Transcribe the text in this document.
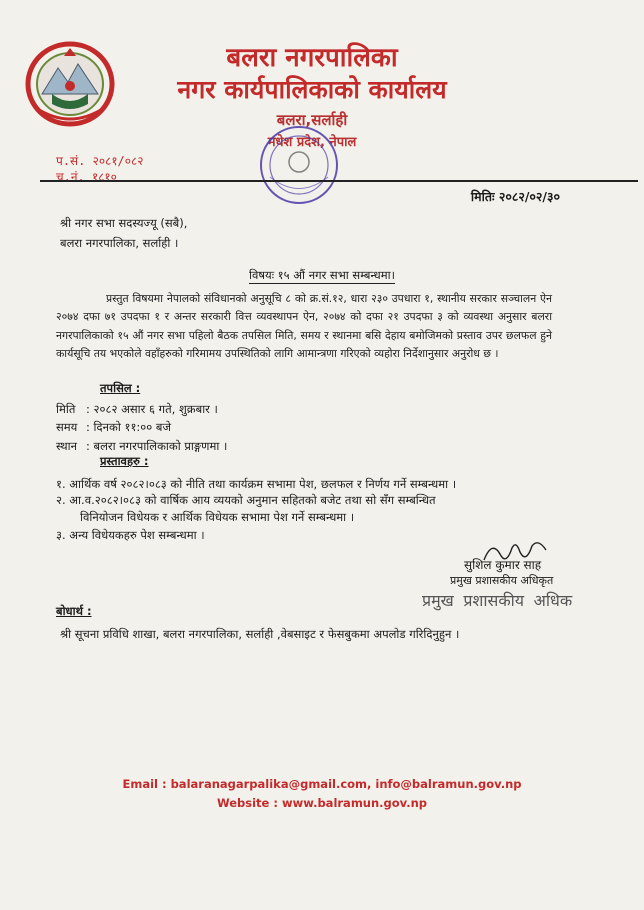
बलरा नगरपालिका
नगर कार्यपालिकाको कार्यालय
बलरा,सर्लाही
मधेश प्रदेश, नेपाल
प.सं. २०८१/०८२
च.नं. १८१०
मितिः २०८२/०२/३०
श्री नगर सभा सदस्यज्यू (सबै),
बलरा नगरपालिका, सर्लाही ।
विषयः १५ औं नगर सभा सम्बन्धमा।

प्रस्तुत विषयमा नेपालको संविधानको अनुसूचि ८ को क्र.सं.१२, धारा २३० उपधारा १, स्थानीय सरकार सञ्चालन ऐन २०७४ दफा ७१ उपदफा १ र अन्तर सरकारी वित्त व्यवस्थापन ऐन, २०७४ को दफा २१ उपदफा ३ को व्यवस्था अनुसार बलरा नगरपालिकाको १५ औं नगर सभा पहिलो बैठक तपसिल मिति, समय र स्थानमा बसि देहाय बमोजिमको प्रस्ताव उपर छलफल हुने कार्यसूचि तय भएकोले वहाँहरुको गरिमामय उपस्थितिको लागि आमान्त्रणा गरिएको व्यहोरा निर्देशानुसार अनुरोध छ ।

तपसिल :
मिति : २०८२ असार ६ गते, शुक्रबार ।
समय : दिनको ११:०० बजे
स्थान : बलरा नगरपालिकाको प्राङ्गणमा ।
प्रस्तावहरु :
१. आर्थिक वर्ष २०८२।०८३ को नीति तथा कार्यक्रम सभामा पेश, छलफल र निर्णय गर्ने सम्बन्धमा ।
२. आ.व.२०८२।०८३ को वार्षिक आय व्ययको अनुमान सहितको बजेट तथा सो सँग सम्बन्धित
विनियोजन विधेयक र आर्थिक विधेयक सभामा पेश गर्ने सम्बन्धमा ।
३. अन्य विधेयकहरु पेश सम्बन्धमा ।
सुशिल कुमार साह
प्रमुख प्रशासकीय अधिकृत
प्रमुख प्रशासकीय अधिक
बोधार्थ :
श्री सूचना प्रविधि शाखा, बलरा नगरपालिका, सर्लाही ,वेबसाइट र फेसबुकमा अपलोड गरिदिनुहुन ।
Email : balaranagarpalika@gmail.com, info@balramun.gov.np
Website : www.balramun.gov.np
